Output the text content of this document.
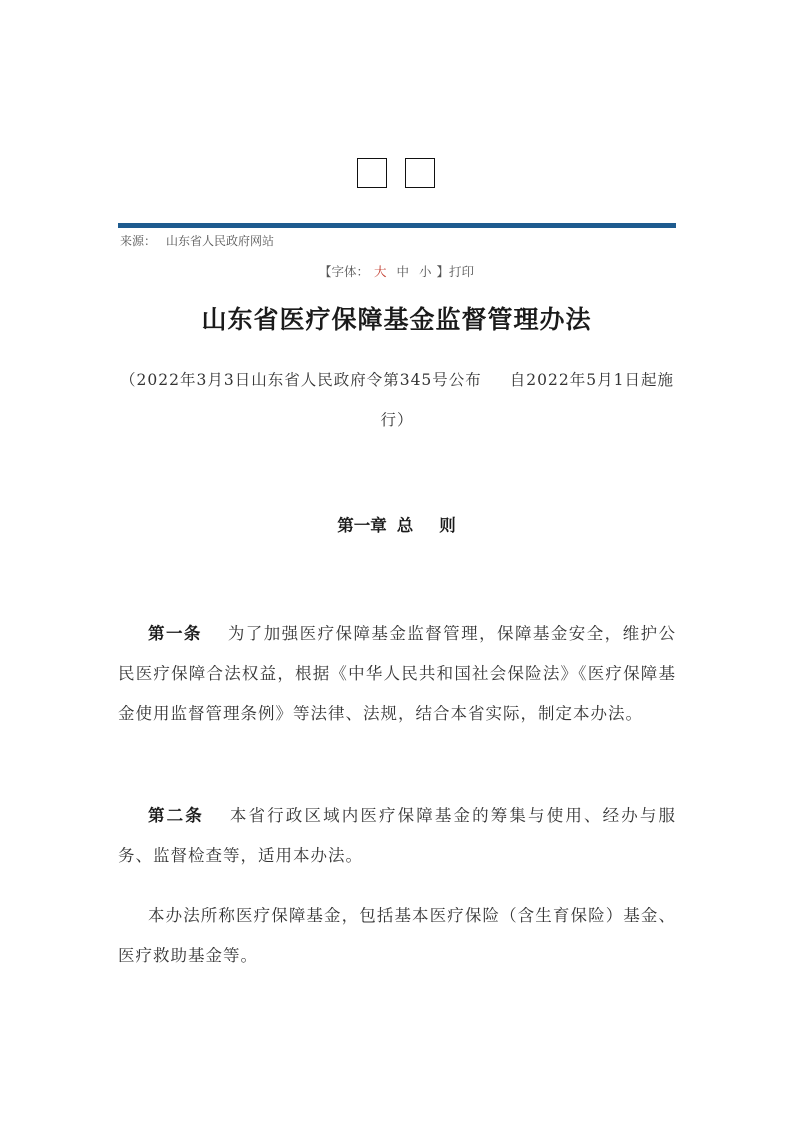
来源： 山东省人民政府网站
【字体： 大 中 小 】打印
山东省医疗保障基金监督管理办法
（2022年3月3日山东省人民政府令第345号公布 自2022年5月1日起施行）
第一章 总 则

第一条 为了加强医疗保障基金监督管理，保障基金安全，维护公民医疗保障合法权益，根据《中华人民共和国社会保险法》《医疗保障基金使用监督管理条例》等法律、法规，结合本省实际，制定本办法。

第二条 本省行政区域内医疗保障基金的筹集与使用、经办与服务、监督检查等，适用本办法。

本办法所称医疗保障基金，包括基本医疗保险（含生育保险）基金、医疗救助基金等。
